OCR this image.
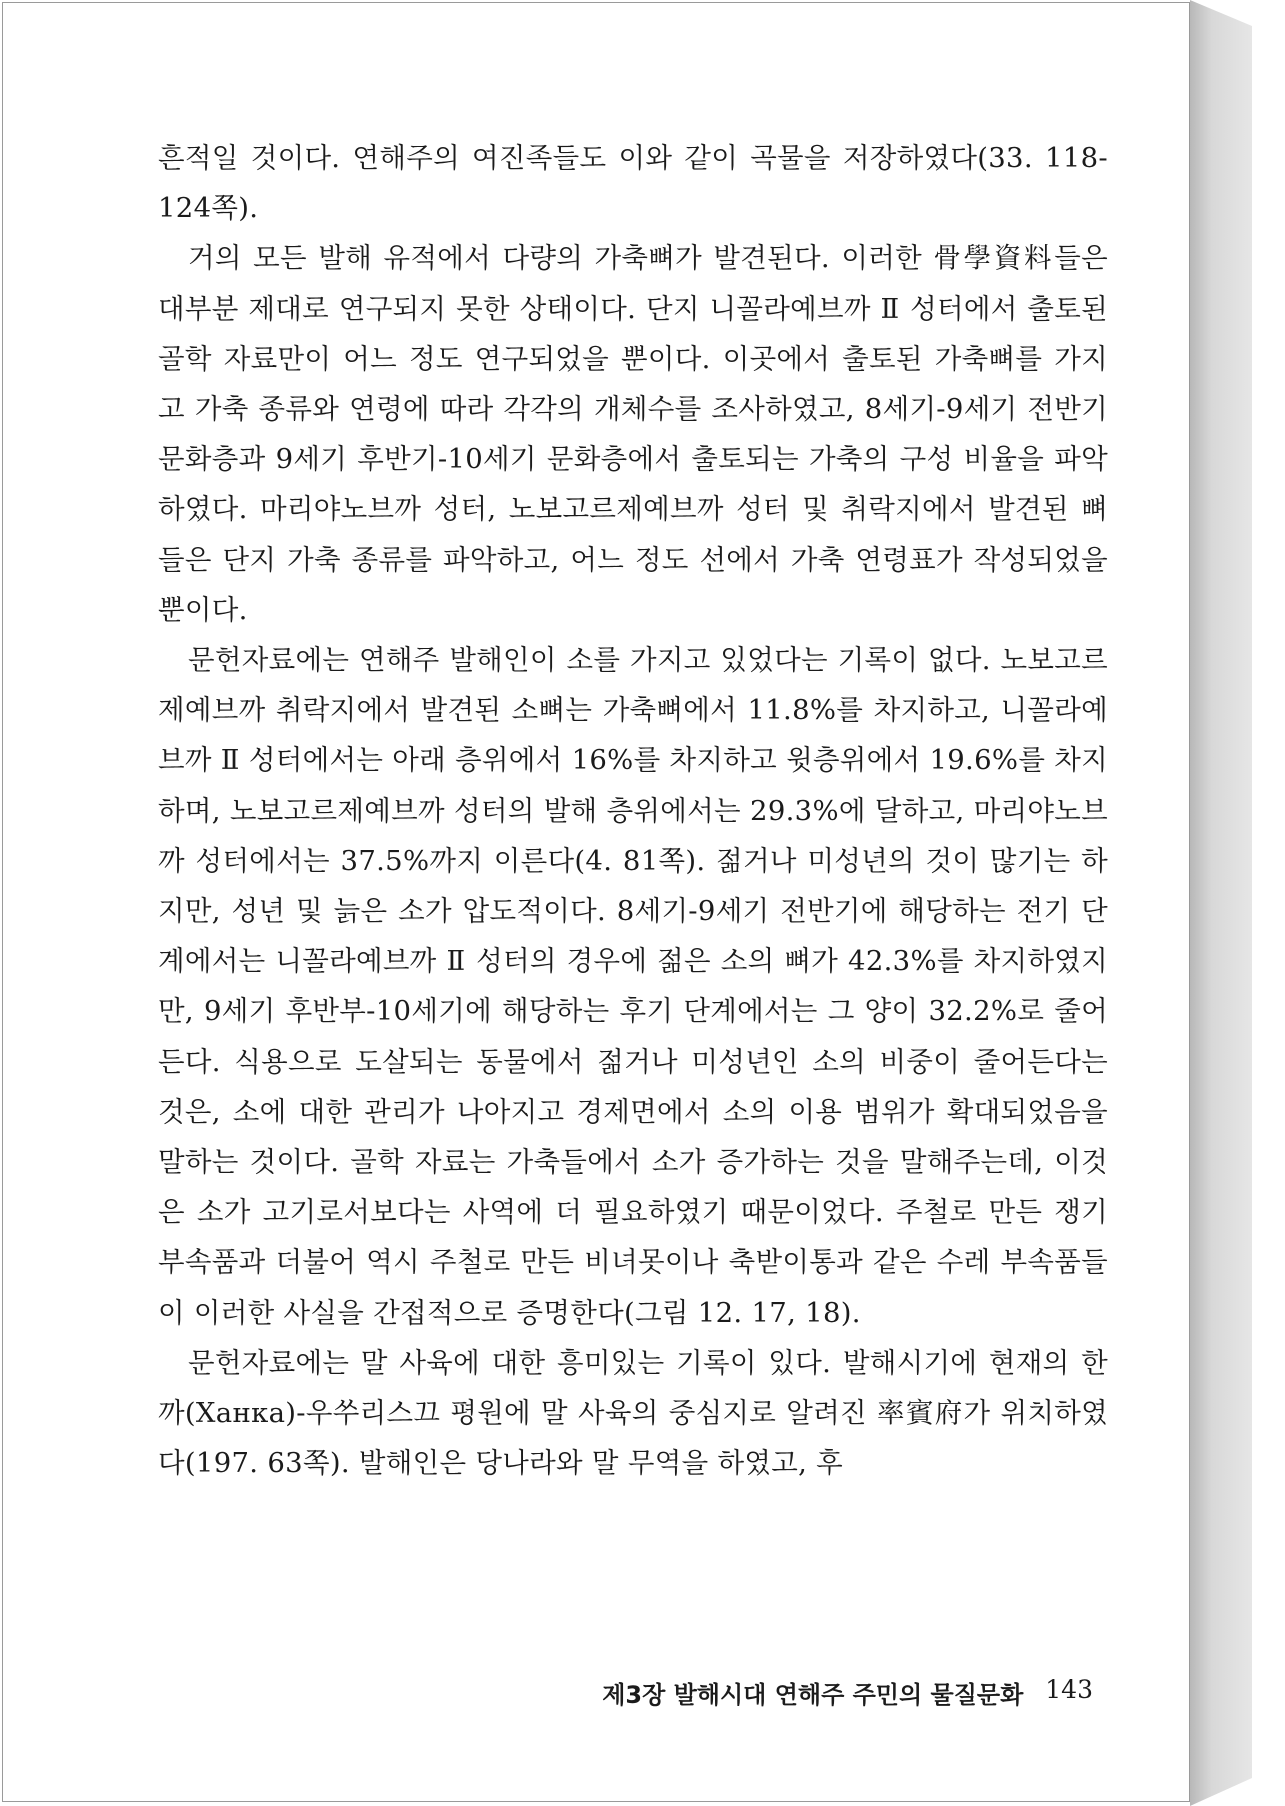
흔적일 것이다. 연해주의 여진족들도 이와 같이 곡물을 저장하였다(33. 118-124쪽).

거의 모든 발해 유적에서 다량의 가축뼈가 발견된다. 이러한 骨學資料들은 대부분 제대로 연구되지 못한 상태이다. 단지 니꼴라예브까 Ⅱ 성터에서 출토된 골학 자료만이 어느 정도 연구되었을 뿐이다. 이곳에서 출토된 가축뼈를 가지고 가축 종류와 연령에 따라 각각의 개체수를 조사하였고, 8세기-9세기 전반기 문화층과 9세기 후반기-10세기 문화층에서 출토되는 가축의 구성 비율을 파악하였다. 마리야노브까 성터, 노보고르제예브까 성터 및 취락지에서 발견된 뼈들은 단지 가축 종류를 파악하고, 어느 정도 선에서 가축 연령표가 작성되었을 뿐이다.

문헌자료에는 연해주 발해인이 소를 가지고 있었다는 기록이 없다. 노보고르제예브까 취락지에서 발견된 소뼈는 가축뼈에서 11.8%를 차지하고, 니꼴라예브까 Ⅱ 성터에서는 아래 층위에서 16%를 차지하고 윗층위에서 19.6%를 차지하며, 노보고르제예브까 성터의 발해 층위에서는 29.3%에 달하고, 마리야노브까 성터에서는 37.5%까지 이른다(4. 81쪽). 젊거나 미성년의 것이 많기는 하지만, 성년 및 늙은 소가 압도적이다. 8세기-9세기 전반기에 해당하는 전기 단계에서는 니꼴라예브까 Ⅱ 성터의 경우에 젊은 소의 뼈가 42.3%를 차지하였지만, 9세기 후반부-10세기에 해당하는 후기 단계에서는 그 양이 32.2%로 줄어든다. 식용으로 도살되는 동물에서 젊거나 미성년인 소의 비중이 줄어든다는 것은, 소에 대한 관리가 나아지고 경제면에서 소의 이용 범위가 확대되었음을 말하는 것이다. 골학 자료는 가축들에서 소가 증가하는 것을 말해주는데, 이것은 소가 고기로서보다는 사역에 더 필요하였기 때문이었다. 주철로 만든 쟁기 부속품과 더불어 역시 주철로 만든 비녀못이나 축받이통과 같은 수레 부속품들이 이러한 사실을 간접적으로 증명한다(그림 12. 17, 18).

문헌자료에는 말 사육에 대한 흥미있는 기록이 있다. 발해시기에 현재의 한까(Ханка)-우쑤리스끄 평원에 말 사육의 중심지로 알려진 率賓府가 위치하였다(197. 63쪽). 발해인은 당나라와 말 무역을 하였고, 후

제3장 발해시대 연해주 주민의 물질문화 143
